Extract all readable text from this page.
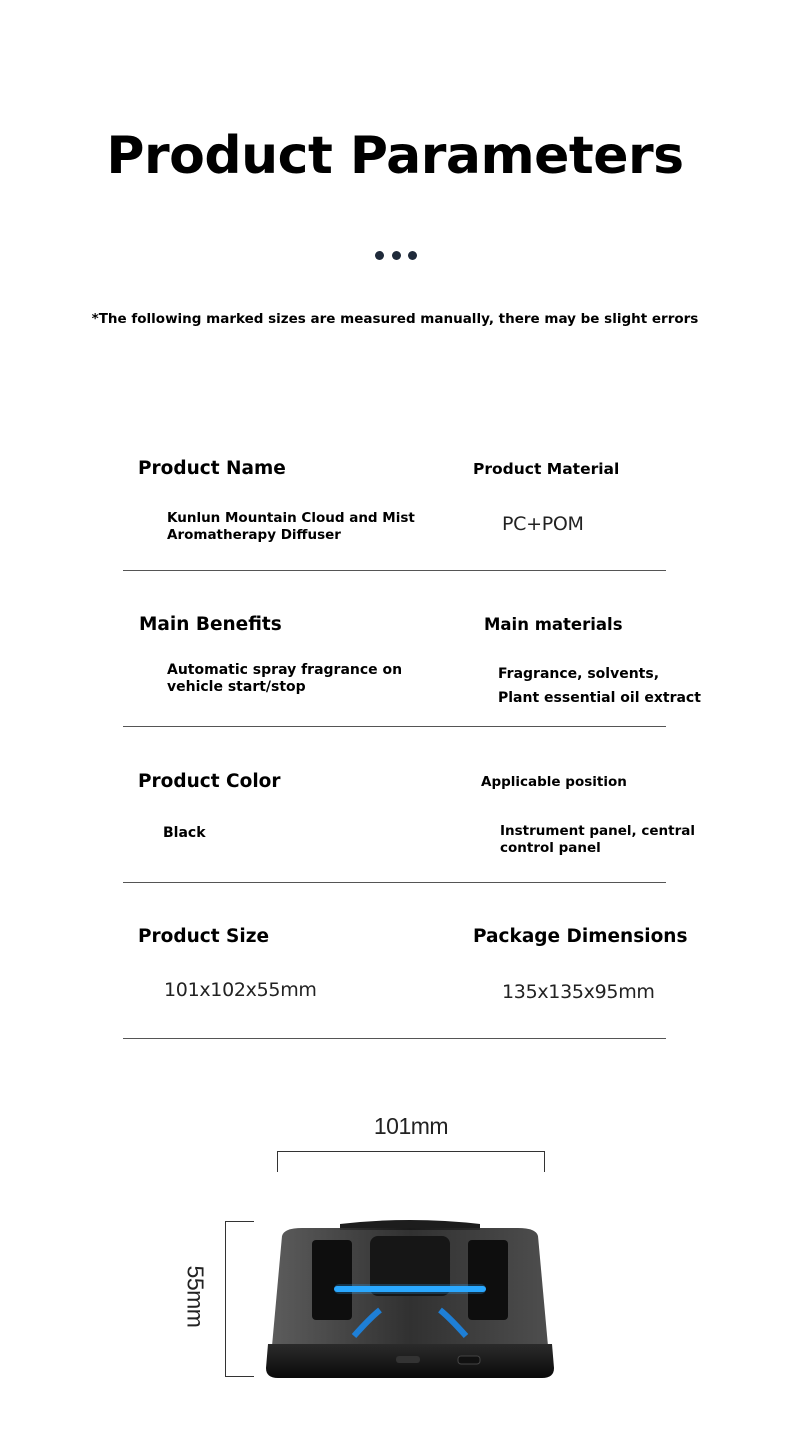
Product Parameters
*The following marked sizes are measured manually, there may be slight errors
Product Name
Kunlun Mountain Cloud and Mist
Aromatherapy Diffuser
Product Material
PC+POM
Main Benefits
Automatic spray fragrance on
vehicle start/stop
Main materials
Fragrance, solvents,
Plant essential oil extract
Product Color
Black
Applicable position
Instrument panel, central
control panel
Product Size
101x102x55mm
Package Dimensions
135x135x95mm
101mm
55mm
